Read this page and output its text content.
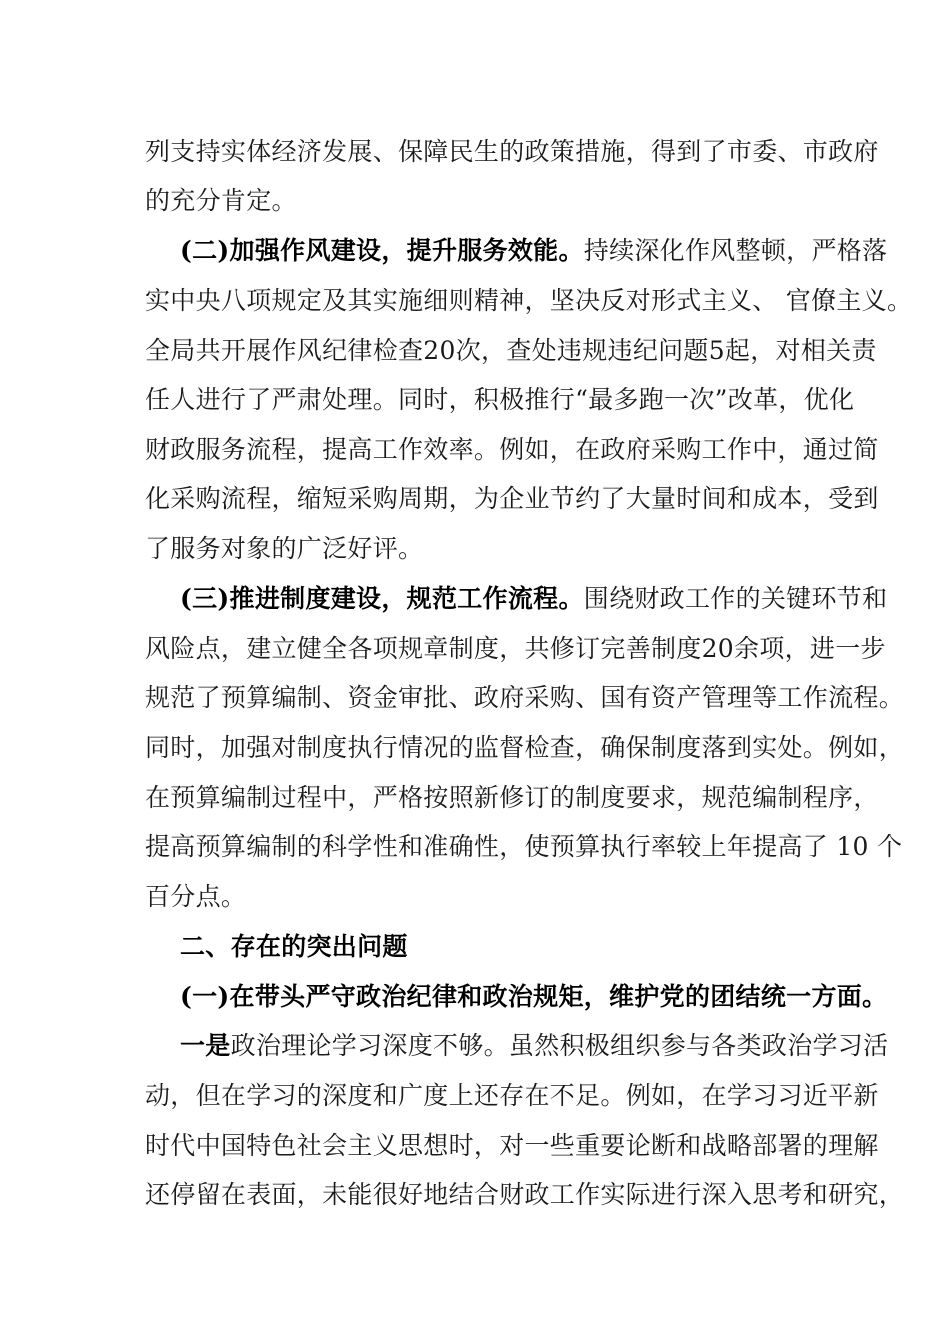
列支持实体经济发展、保障民生的政策措施，得到了市委、市政府
的充分肯定。
(二)加强作风建设，提升服务效能。持续深化作风整顿，严格落
实中央八项规定及其实施细则精神，坚决反对形式主义、 官僚主义。
全局共开展作风纪律检查20次，查处违规违纪问题5起，对相关责
任人进行了严肃处理。同时，积极推行“最多跑一次”改革，优化
财政服务流程，提高工作效率。例如，在政府采购工作中，通过简
化采购流程，缩短采购周期，为企业节约了大量时间和成本，受到
了服务对象的广泛好评。
(三)推进制度建设，规范工作流程。围绕财政工作的关键环节和
风险点，建立健全各项规章制度，共修订完善制度20余项，进一步
规范了预算编制、资金审批、政府采购、国有资产管理等工作流程。
同时，加强对制度执行情况的监督检查，确保制度落到实处。例如，
在预算编制过程中，严格按照新修订的制度要求，规范编制程序，
提高预算编制的科学性和准确性，使预算执行率较上年提高了 10 个
百分点。
二、存在的突出问题
(一)在带头严守政治纪律和政治规矩，维护党的团结统一方面。
一是政治理论学习深度不够。虽然积极组织参与各类政治学习活
动，但在学习的深度和广度上还存在不足。例如，在学习习近平新
时代中国特色社会主义思想时，对一些重要论断和战略部署的理解
还停留在表面，未能很好地结合财政工作实际进行深入思考和研究，
